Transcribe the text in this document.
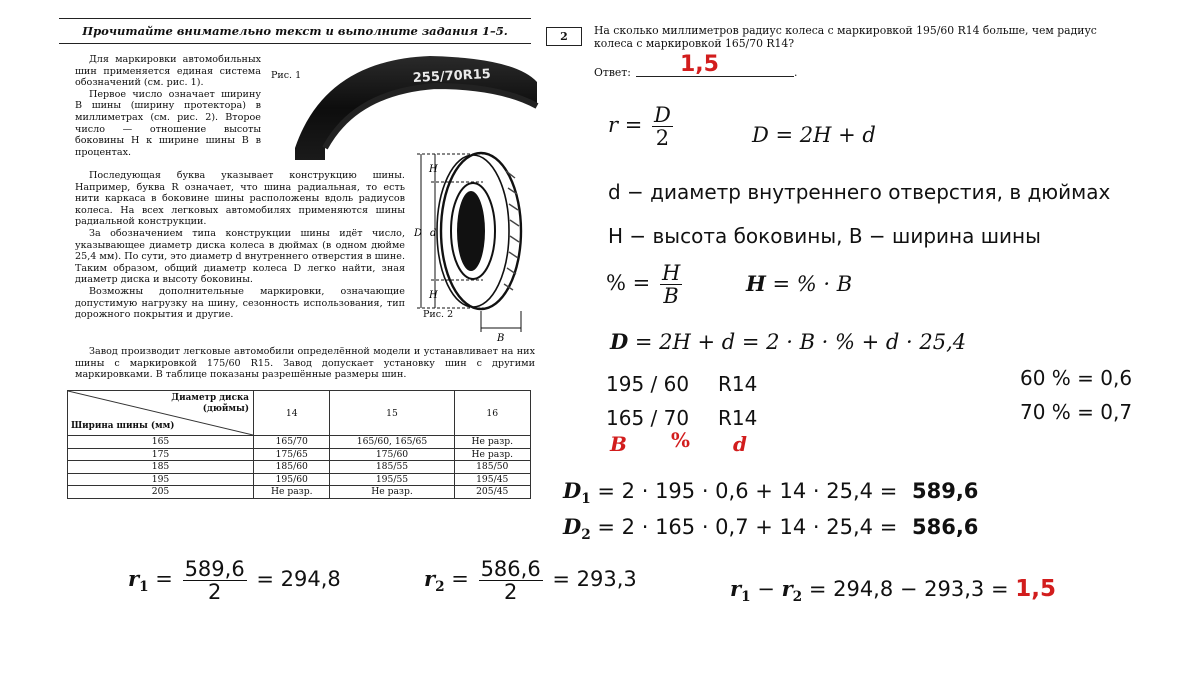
Прочитайте внимательно текст и выполните задания 1–5.

Для маркировки автомобильных шин применяется единая система обозначений (см. рис. 1).

Первое число означает ширину B шины (ширину протектора) в миллиметрах (см. рис. 2). Второе число — отношение высоты боковины H к ширине шины B в процентах.

Рис. 1	255/70R15

Последующая буква указывает конструкцию шины. Например, буква R означает, что шина радиальная, то есть нити каркаса в боковине шины расположены вдоль радиусов колеса. На всех легковых автомобилях применяются шины радиальной конструкции.

За обозначением типа конструкции шины идёт число, указывающее диаметр диска колеса в дюймах (в одном дюйме 25,4 мм). По сути, это диаметр d внутреннего отверстия в шине. Таким образом, общий диаметр колеса D легко найти, зная диаметр диска и высоту боковины.

Возможны дополнительные маркировки, означающие допустимую нагрузку на шину, сезонность использования, тип дорожного покрытия и другие.

D
H
d
H
B
Рис. 2

Завод производит легковые автомобили определённой модели и устанавливает на них шины с маркировкой 175/60 R15. Завод допускает установку шин с другими маркировками. В таблице показаны разрешённые размеры шин.

Диаметр диска (дюймы)
Ширина шины (мм)	14	15	16
165	165/70	165/60, 165/65	Не разр.
175	175/65	175/60	Не разр.
185	185/60	185/55	185/50
195	195/60	195/55	195/45
205	Не разр.	Не разр.	205/45
2	На сколько миллиметров радиус колеса с маркировкой 195/60 R14 больше, чем радиус колеса с маркировкой 165/70 R14?
Ответ:	.
1,5
$r = \frac{D}{2}$	D = 2H + d
d − диаметр внутреннего отверстия, в дюймах
H − высота боковины, B − ширина шины
% = $\frac{H}{B}$	H = % · B
D = 2H + d = 2 · B · % + d · 25,4
195 / 60 R14
165 / 70 R14
B % d
60 % = 0,6
70 % = 0,7
$D_1 = 2 \cdot 195 \cdot 0,6 + 14 \cdot 25,4 = 589,6$
$D_2 = 2 \cdot 165 \cdot 0,7 + 14 \cdot 25,4 = 586,6$
$r_1 = \frac{589,6}{2} = 294,8$	$r_2 = \frac{586,6}{2} = 293,3$	$r_1 - r_2 = 294,8 - 293,3 = 1,5$
